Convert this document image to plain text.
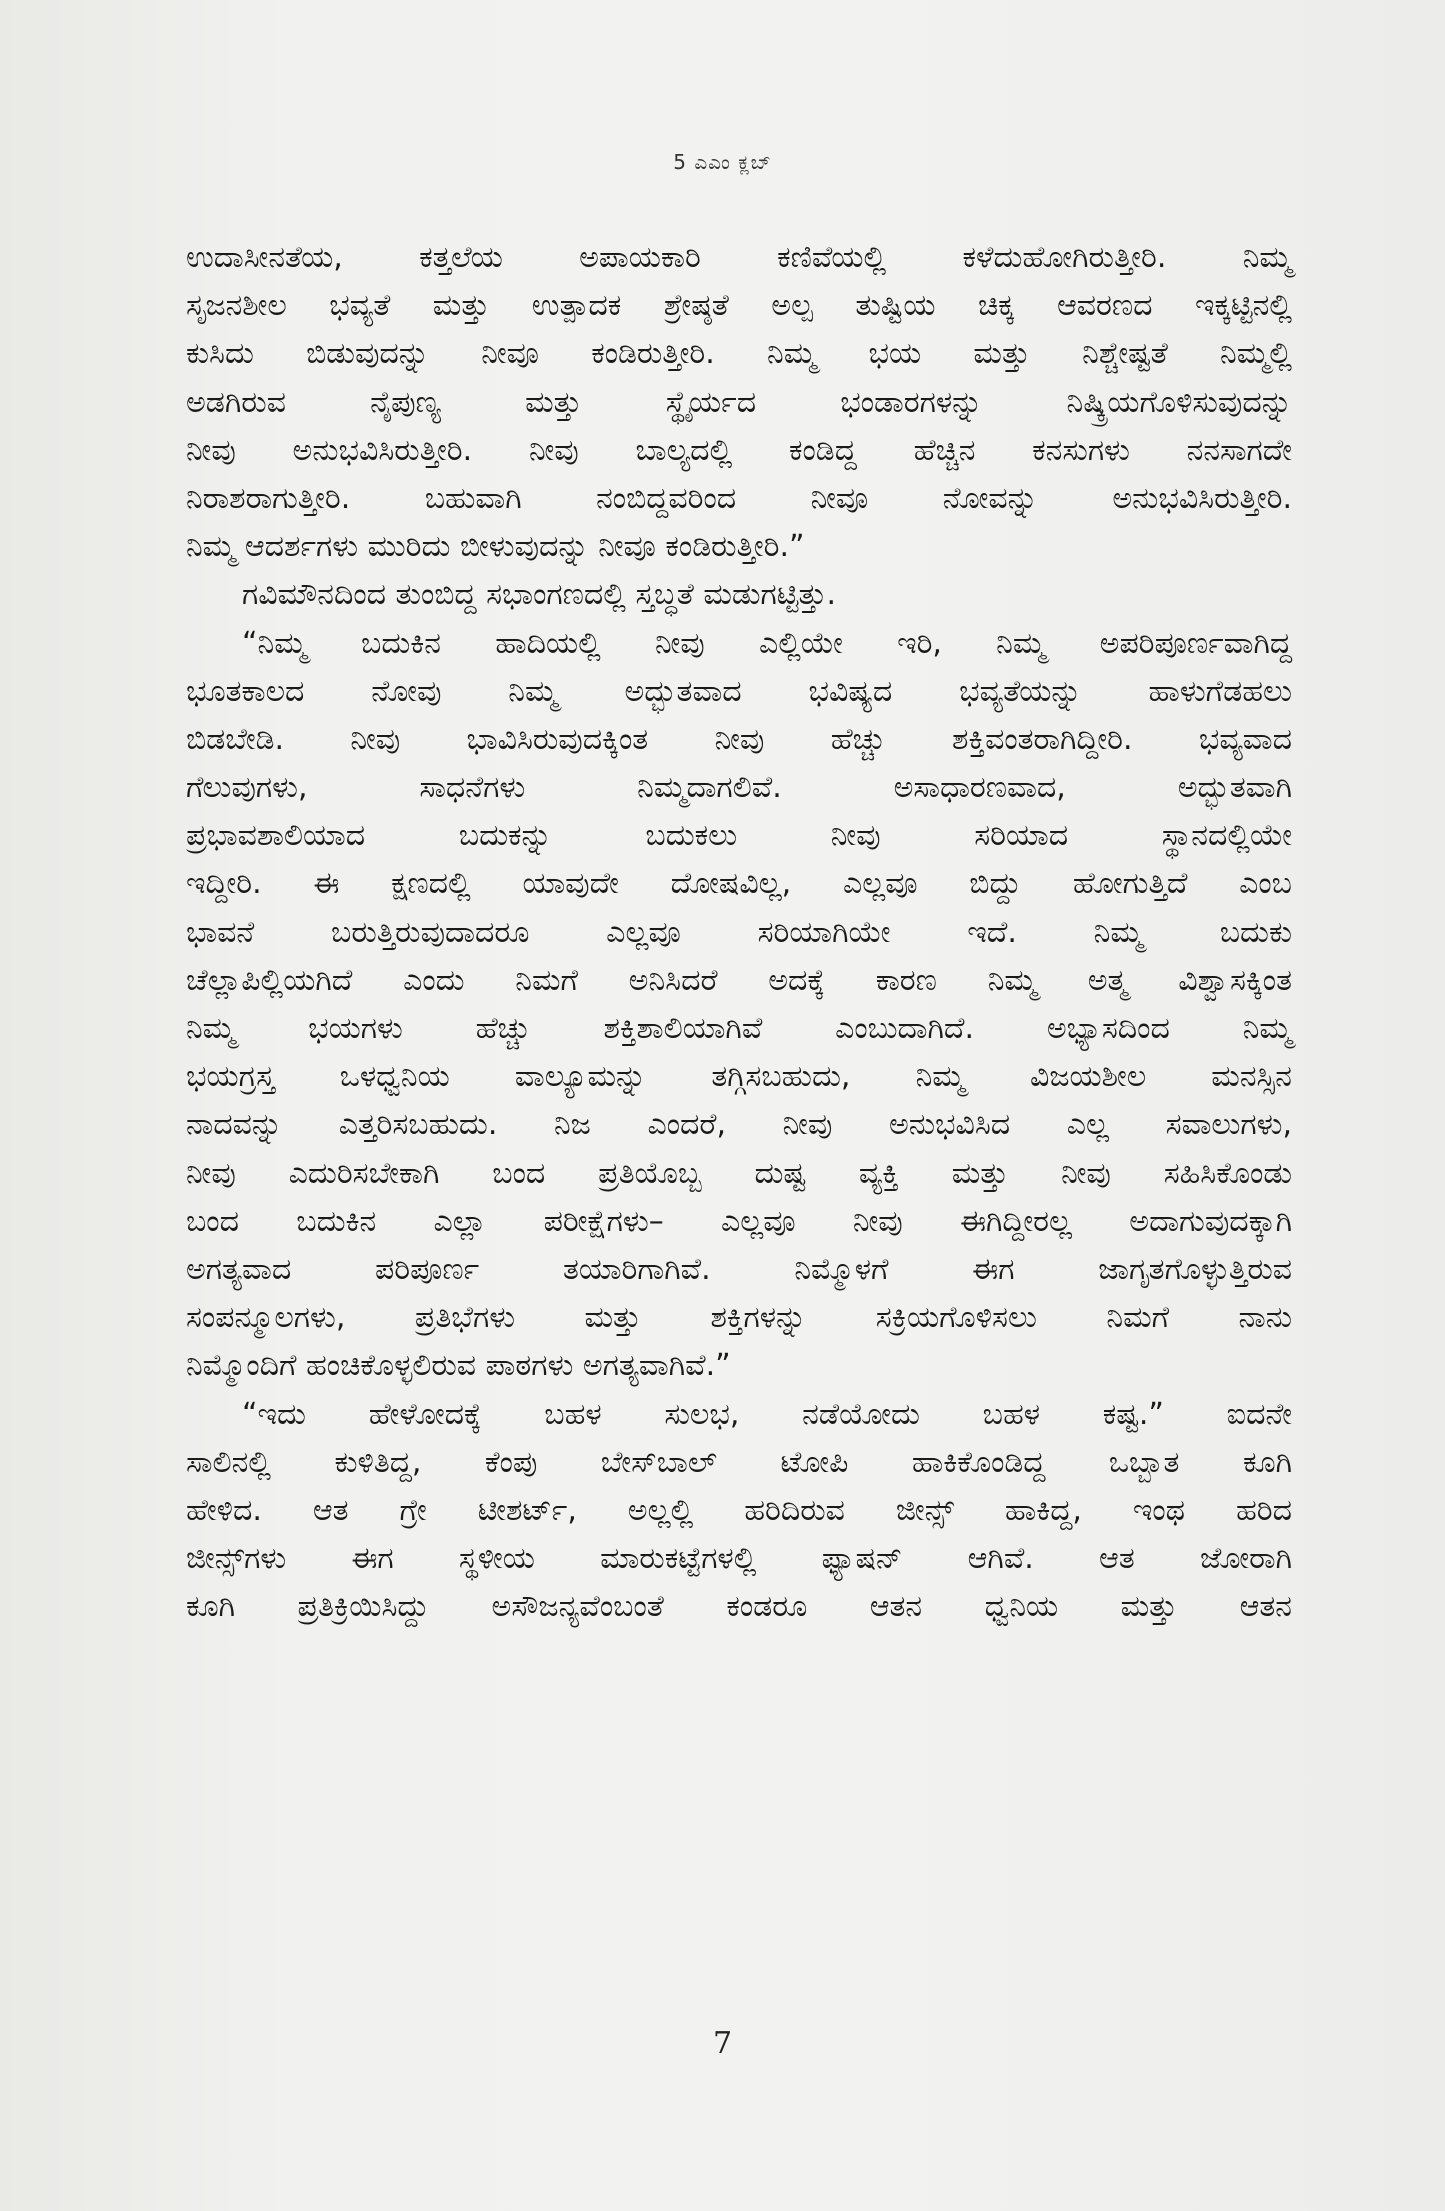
5 ಎಎಂ ಕ್ಲಬ್
ಉದಾಸೀನತೆಯ, ಕತ್ತಲೆಯ ಅಪಾಯಕಾರಿ ಕಣಿವೆಯಲ್ಲಿ ಕಳೆದುಹೋಗಿರುತ್ತೀರಿ. ನಿಮ್ಮ
ಸೃಜನಶೀಲ ಭವ್ಯತೆ ಮತ್ತು ಉತ್ಪಾದಕ ಶ್ರೇಷ್ಠತೆ ಅಲ್ಪ ತುಷ್ಟಿಯ ಚಿಕ್ಕ ಆವರಣದ ಇಕ್ಕಟ್ಟಿನಲ್ಲಿ
ಕುಸಿದು ಬಿಡುವುದನ್ನು ನೀವೂ ಕಂಡಿರುತ್ತೀರಿ. ನಿಮ್ಮ ಭಯ ಮತ್ತು ನಿಶ್ಚೇಷ್ಟತೆ ನಿಮ್ಮಲ್ಲಿ
ಅಡಗಿರುವ ನೈಪುಣ್ಯ ಮತ್ತು ಸ್ಥೈರ್ಯದ ಭಂಡಾರಗಳನ್ನು ನಿಷ್ಕ್ರಿಯಗೊಳಿಸುವುದನ್ನು
ನೀವು ಅನುಭವಿಸಿರುತ್ತೀರಿ. ನೀವು ಬಾಲ್ಯದಲ್ಲಿ ಕಂಡಿದ್ದ ಹೆಚ್ಚಿನ ಕನಸುಗಳು ನನಸಾಗದೇ
ನಿರಾಶರಾಗುತ್ತೀರಿ. ಬಹುವಾಗಿ ನಂಬಿದ್ದವರಿಂದ ನೀವೂ ನೋವನ್ನು ಅನುಭವಿಸಿರುತ್ತೀರಿ.
ನಿಮ್ಮ ಆದರ್ಶಗಳು ಮುರಿದು ಬೀಳುವುದನ್ನು ನೀವೂ ಕಂಡಿರುತ್ತೀರಿ.”
ಗವಿಮೌನದಿಂದ ತುಂಬಿದ್ದ ಸಭಾಂಗಣದಲ್ಲಿ ಸ್ತಬ್ಧತೆ ಮಡುಗಟ್ಟಿತ್ತು.
“ನಿಮ್ಮ ಬದುಕಿನ ಹಾದಿಯಲ್ಲಿ ನೀವು ಎಲ್ಲಿಯೇ ಇರಿ, ನಿಮ್ಮ ಅಪರಿಪೂರ್ಣವಾಗಿದ್ದ
ಭೂತಕಾಲದ ನೋವು ನಿಮ್ಮ ಅದ್ಭುತವಾದ ಭವಿಷ್ಯದ ಭವ್ಯತೆಯನ್ನು ಹಾಳುಗೆಡಹಲು
ಬಿಡಬೇಡಿ. ನೀವು ಭಾವಿಸಿರುವುದಕ್ಕಿಂತ ನೀವು ಹೆಚ್ಚು ಶಕ್ತಿವಂತರಾಗಿದ್ದೀರಿ. ಭವ್ಯವಾದ
ಗೆಲುವುಗಳು, ಸಾಧನೆಗಳು ನಿಮ್ಮದಾಗಲಿವೆ. ಅಸಾಧಾರಣವಾದ, ಅದ್ಭುತವಾಗಿ
ಪ್ರಭಾವಶಾಲಿಯಾದ ಬದುಕನ್ನು ಬದುಕಲು ನೀವು ಸರಿಯಾದ ಸ್ಥಾನದಲ್ಲಿಯೇ
ಇದ್ದೀರಿ. ಈ ಕ್ಷಣದಲ್ಲಿ ಯಾವುದೇ ದೋಷವಿಲ್ಲ, ಎಲ್ಲವೂ ಬಿದ್ದು ಹೋಗುತ್ತಿದೆ ಎಂಬ
ಭಾವನೆ ಬರುತ್ತಿರುವುದಾದರೂ ಎಲ್ಲವೂ ಸರಿಯಾಗಿಯೇ ಇದೆ. ನಿಮ್ಮ ಬದುಕು
ಚೆಲ್ಲಾಪಿಲ್ಲಿಯಗಿದೆ ಎಂದು ನಿಮಗೆ ಅನಿಸಿದರೆ ಅದಕ್ಕೆ ಕಾರಣ ನಿಮ್ಮ ಅತ್ಮ ವಿಶ್ವಾಸಕ್ಕಿಂತ
ನಿಮ್ಮ ಭಯಗಳು ಹೆಚ್ಚು ಶಕ್ತಿಶಾಲಿಯಾಗಿವೆ ಎಂಬುದಾಗಿದೆ. ಅಭ್ಯಾಸದಿಂದ ನಿಮ್ಮ
ಭಯಗ್ರಸ್ತ ಒಳಧ್ವನಿಯ ವಾಲ್ಯೂಮನ್ನು ತಗ್ಗಿಸಬಹುದು, ನಿಮ್ಮ ವಿಜಯಶೀಲ ಮನಸ್ಸಿನ
ನಾದವನ್ನು ಎತ್ತರಿಸಬಹುದು. ನಿಜ ಎಂದರೆ, ನೀವು ಅನುಭವಿಸಿದ ಎಲ್ಲ ಸವಾಲುಗಳು,
ನೀವು ಎದುರಿಸಬೇಕಾಗಿ ಬಂದ ಪ್ರತಿಯೊಬ್ಬ ದುಷ್ಟ ವ್ಯಕ್ತಿ ಮತ್ತು ನೀವು ಸಹಿಸಿಕೊಂಡು
ಬಂದ ಬದುಕಿನ ಎಲ್ಲಾ ಪರೀಕ್ಷೆಗಳು– ಎಲ್ಲವೂ ನೀವು ಈಗಿದ್ದೀರಲ್ಲ ಅದಾಗುವುದಕ್ಕಾಗಿ
ಅಗತ್ಯವಾದ ಪರಿಪೂರ್ಣ ತಯಾರಿಗಾಗಿವೆ. ನಿಮ್ಮೊಳಗೆ ಈಗ ಜಾಗೃತಗೊಳ್ಳುತ್ತಿರುವ
ಸಂಪನ್ಮೂಲಗಳು, ಪ್ರತಿಭೆಗಳು ಮತ್ತು ಶಕ್ತಿಗಳನ್ನು ಸಕ್ರಿಯಗೊಳಿಸಲು ನಿಮಗೆ ನಾನು
ನಿಮ್ಮೊಂದಿಗೆ ಹಂಚಿಕೊಳ್ಳಲಿರುವ ಪಾಠಗಳು ಅಗತ್ಯವಾಗಿವೆ.”
“ಇದು ಹೇಳೋದಕ್ಕೆ ಬಹಳ ಸುಲಭ, ನಡೆಯೋದು ಬಹಳ ಕಷ್ಟ.” ಐದನೇ
ಸಾಲಿನಲ್ಲಿ ಕುಳಿತಿದ್ದ, ಕೆಂಪು ಬೇಸ್‌ಬಾಲ್ ಟೋಪಿ ಹಾಕಿಕೊಂಡಿದ್ದ ಒಬ್ಬಾತ ಕೂಗಿ
ಹೇಳಿದ. ಆತ ಗ್ರೇ ಟೀಶರ್ಟ್, ಅಲ್ಲಲ್ಲಿ ಹರಿದಿರುವ ಜೀನ್ಸ್ ಹಾಕಿದ್ದ, ಇಂಥ ಹರಿದ
ಜೀನ್ಸ್‌ಗಳು ಈಗ ಸ್ಥಳೀಯ ಮಾರುಕಟ್ಟೆಗಳಲ್ಲಿ ಫ್ಯಾಷನ್ ಆಗಿವೆ. ಆತ ಜೋರಾಗಿ
ಕೂಗಿ ಪ್ರತಿಕ್ರಿಯಿಸಿದ್ದು ಅಸೌಜನ್ಯವೆಂಬಂತೆ ಕಂಡರೂ ಆತನ ಧ್ವನಿಯ ಮತ್ತು ಆತನ
7
